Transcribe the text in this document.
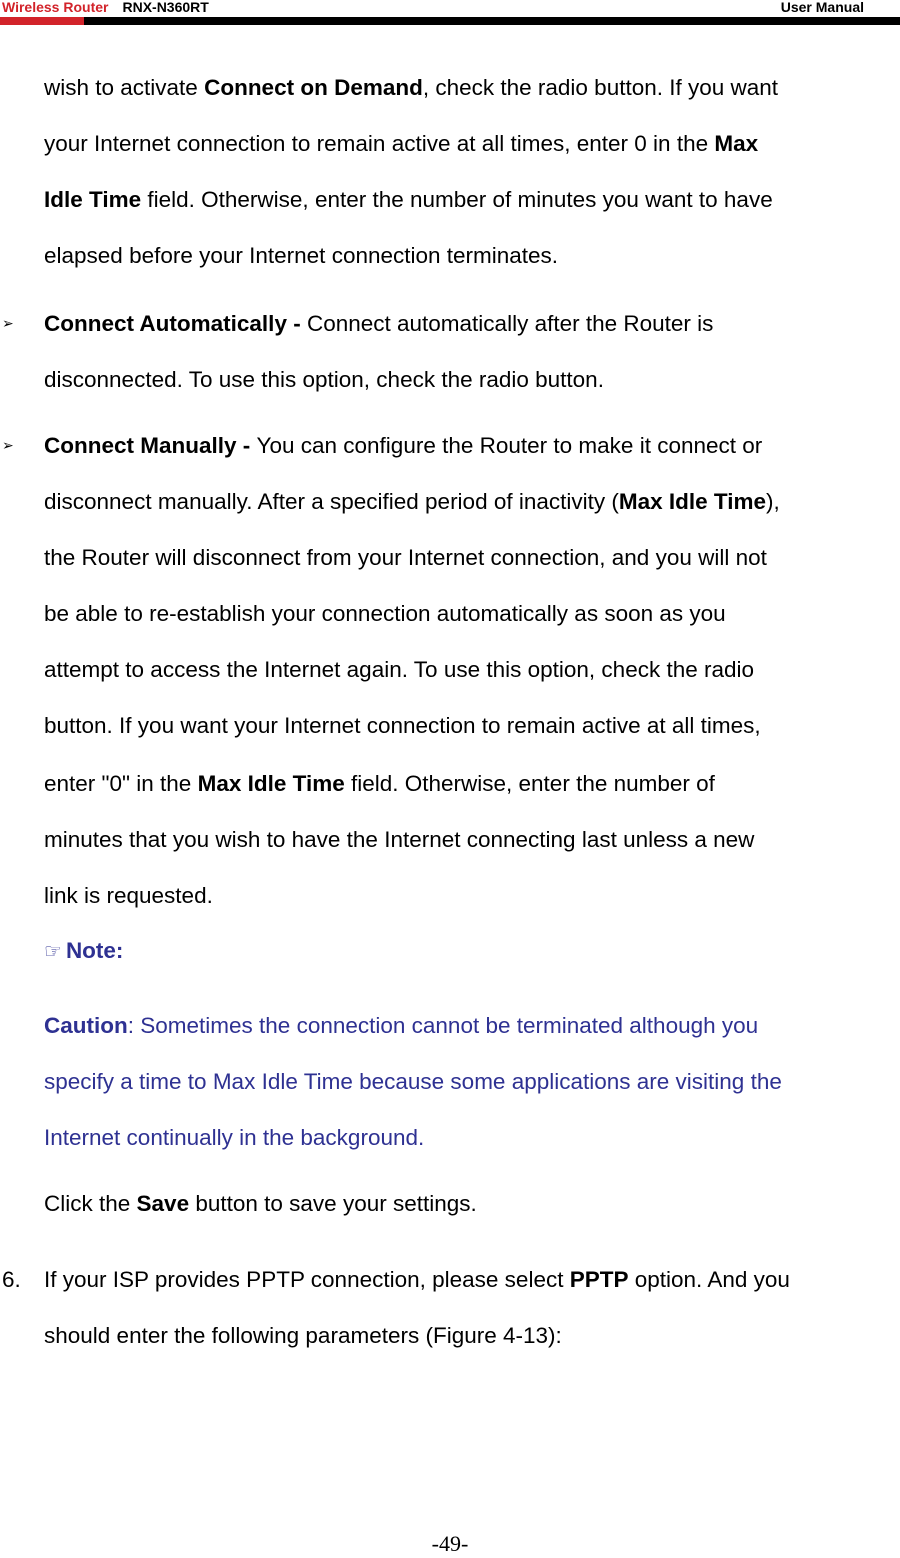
Wireless Router RNX-N360RT	User Manual
wish to activate Connect on Demand, check the radio button. If you want
your Internet connection to remain active at all times, enter 0 in the Max
Idle Time field. Otherwise, enter the number of minutes you want to have
elapsed before your Internet connection terminates.
➢ Connect Automatically - Connect automatically after the Router is
disconnected. To use this option, check the radio button.
➢ Connect Manually - You can configure the Router to make it connect or
disconnect manually. After a specified period of inactivity (Max Idle Time),
the Router will disconnect from your Internet connection, and you will not
be able to re-establish your connection automatically as soon as you
attempt to access the Internet again. To use this option, check the radio
button. If you want your Internet connection to remain active at all times,
enter "0" in the Max Idle Time field. Otherwise, enter the number of
minutes that you wish to have the Internet connecting last unless a new
link is requested.
☞ Note:
Caution: Sometimes the connection cannot be terminated although you
specify a time to Max Idle Time because some applications are visiting the
Internet continually in the background.
Click the Save button to save your settings.
6. If your ISP provides PPTP connection, please select PPTP option. And you
should enter the following parameters (Figure 4-13):
-49-
